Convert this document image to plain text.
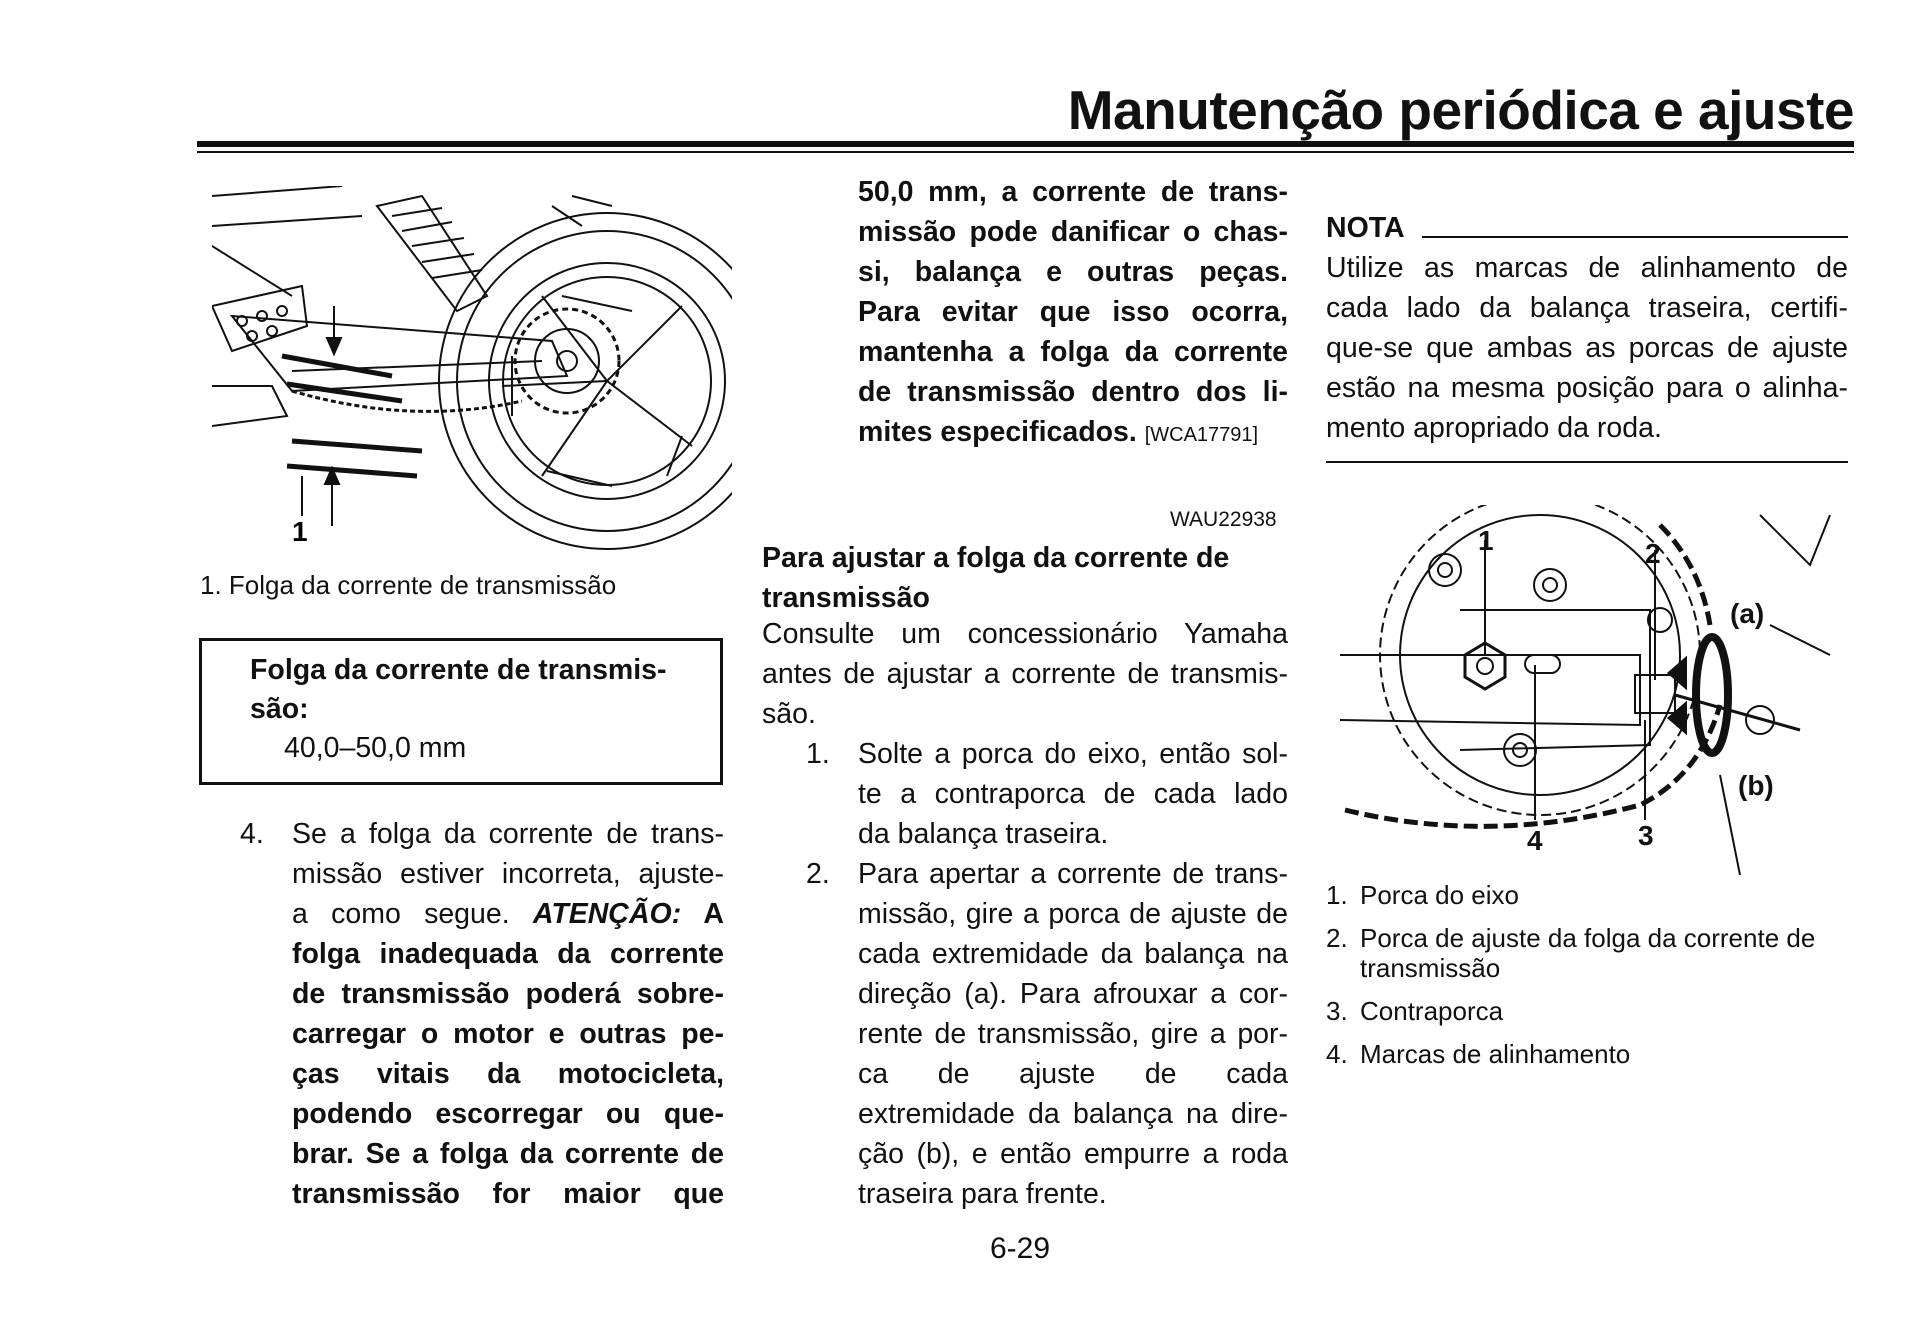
Manutenção periódica e ajuste
1
1. Folga da corrente de transmissão
Folga da corrente de transmis-
são:
40,0–50,0 mm
4. Se a folga da corrente de trans-
missão estiver incorreta, ajuste-
a como segue. ATENÇÃO: A
folga inadequada da corrente
de transmissão poderá sobre-
carregar o motor e outras pe-
ças vitais da motocicleta,
podendo escorregar ou que-
brar. Se a folga da corrente de
transmissão for maior que
50,0 mm, a corrente de trans-
missão pode danificar o chas-
si, balança e outras peças.
Para evitar que isso ocorra,
mantenha a folga da corrente
de transmissão dentro dos li-
mites especificados. [WCA17791]
WAU22938
Para ajustar a folga da corrente de
transmissão
Consulte um concessionário Yamaha
antes de ajustar a corrente de transmis-
são.
1. Solte a porca do eixo, então sol-
te a contraporca de cada lado
da balança traseira.
2. Para apertar a corrente de trans-
missão, gire a porca de ajuste de
cada extremidade da balança na
direção (a). Para afrouxar a cor-
rente de transmissão, gire a por-
ca de ajuste de cada
extremidade da balança na dire-
ção (b), e então empurre a roda
traseira para frente.
6-29
NOTA
Utilize as marcas de alinhamento de
cada lado da balança traseira, certifi-
que-se que ambas as porcas de ajuste
estão na mesma posição para o alinha-
mento apropriado da roda.
1	2
3
4
(a)
(b)
1. Porca do eixo
2. Porca de ajuste da folga da corrente de transmissão
3. Contraporca
4. Marcas de alinhamento
